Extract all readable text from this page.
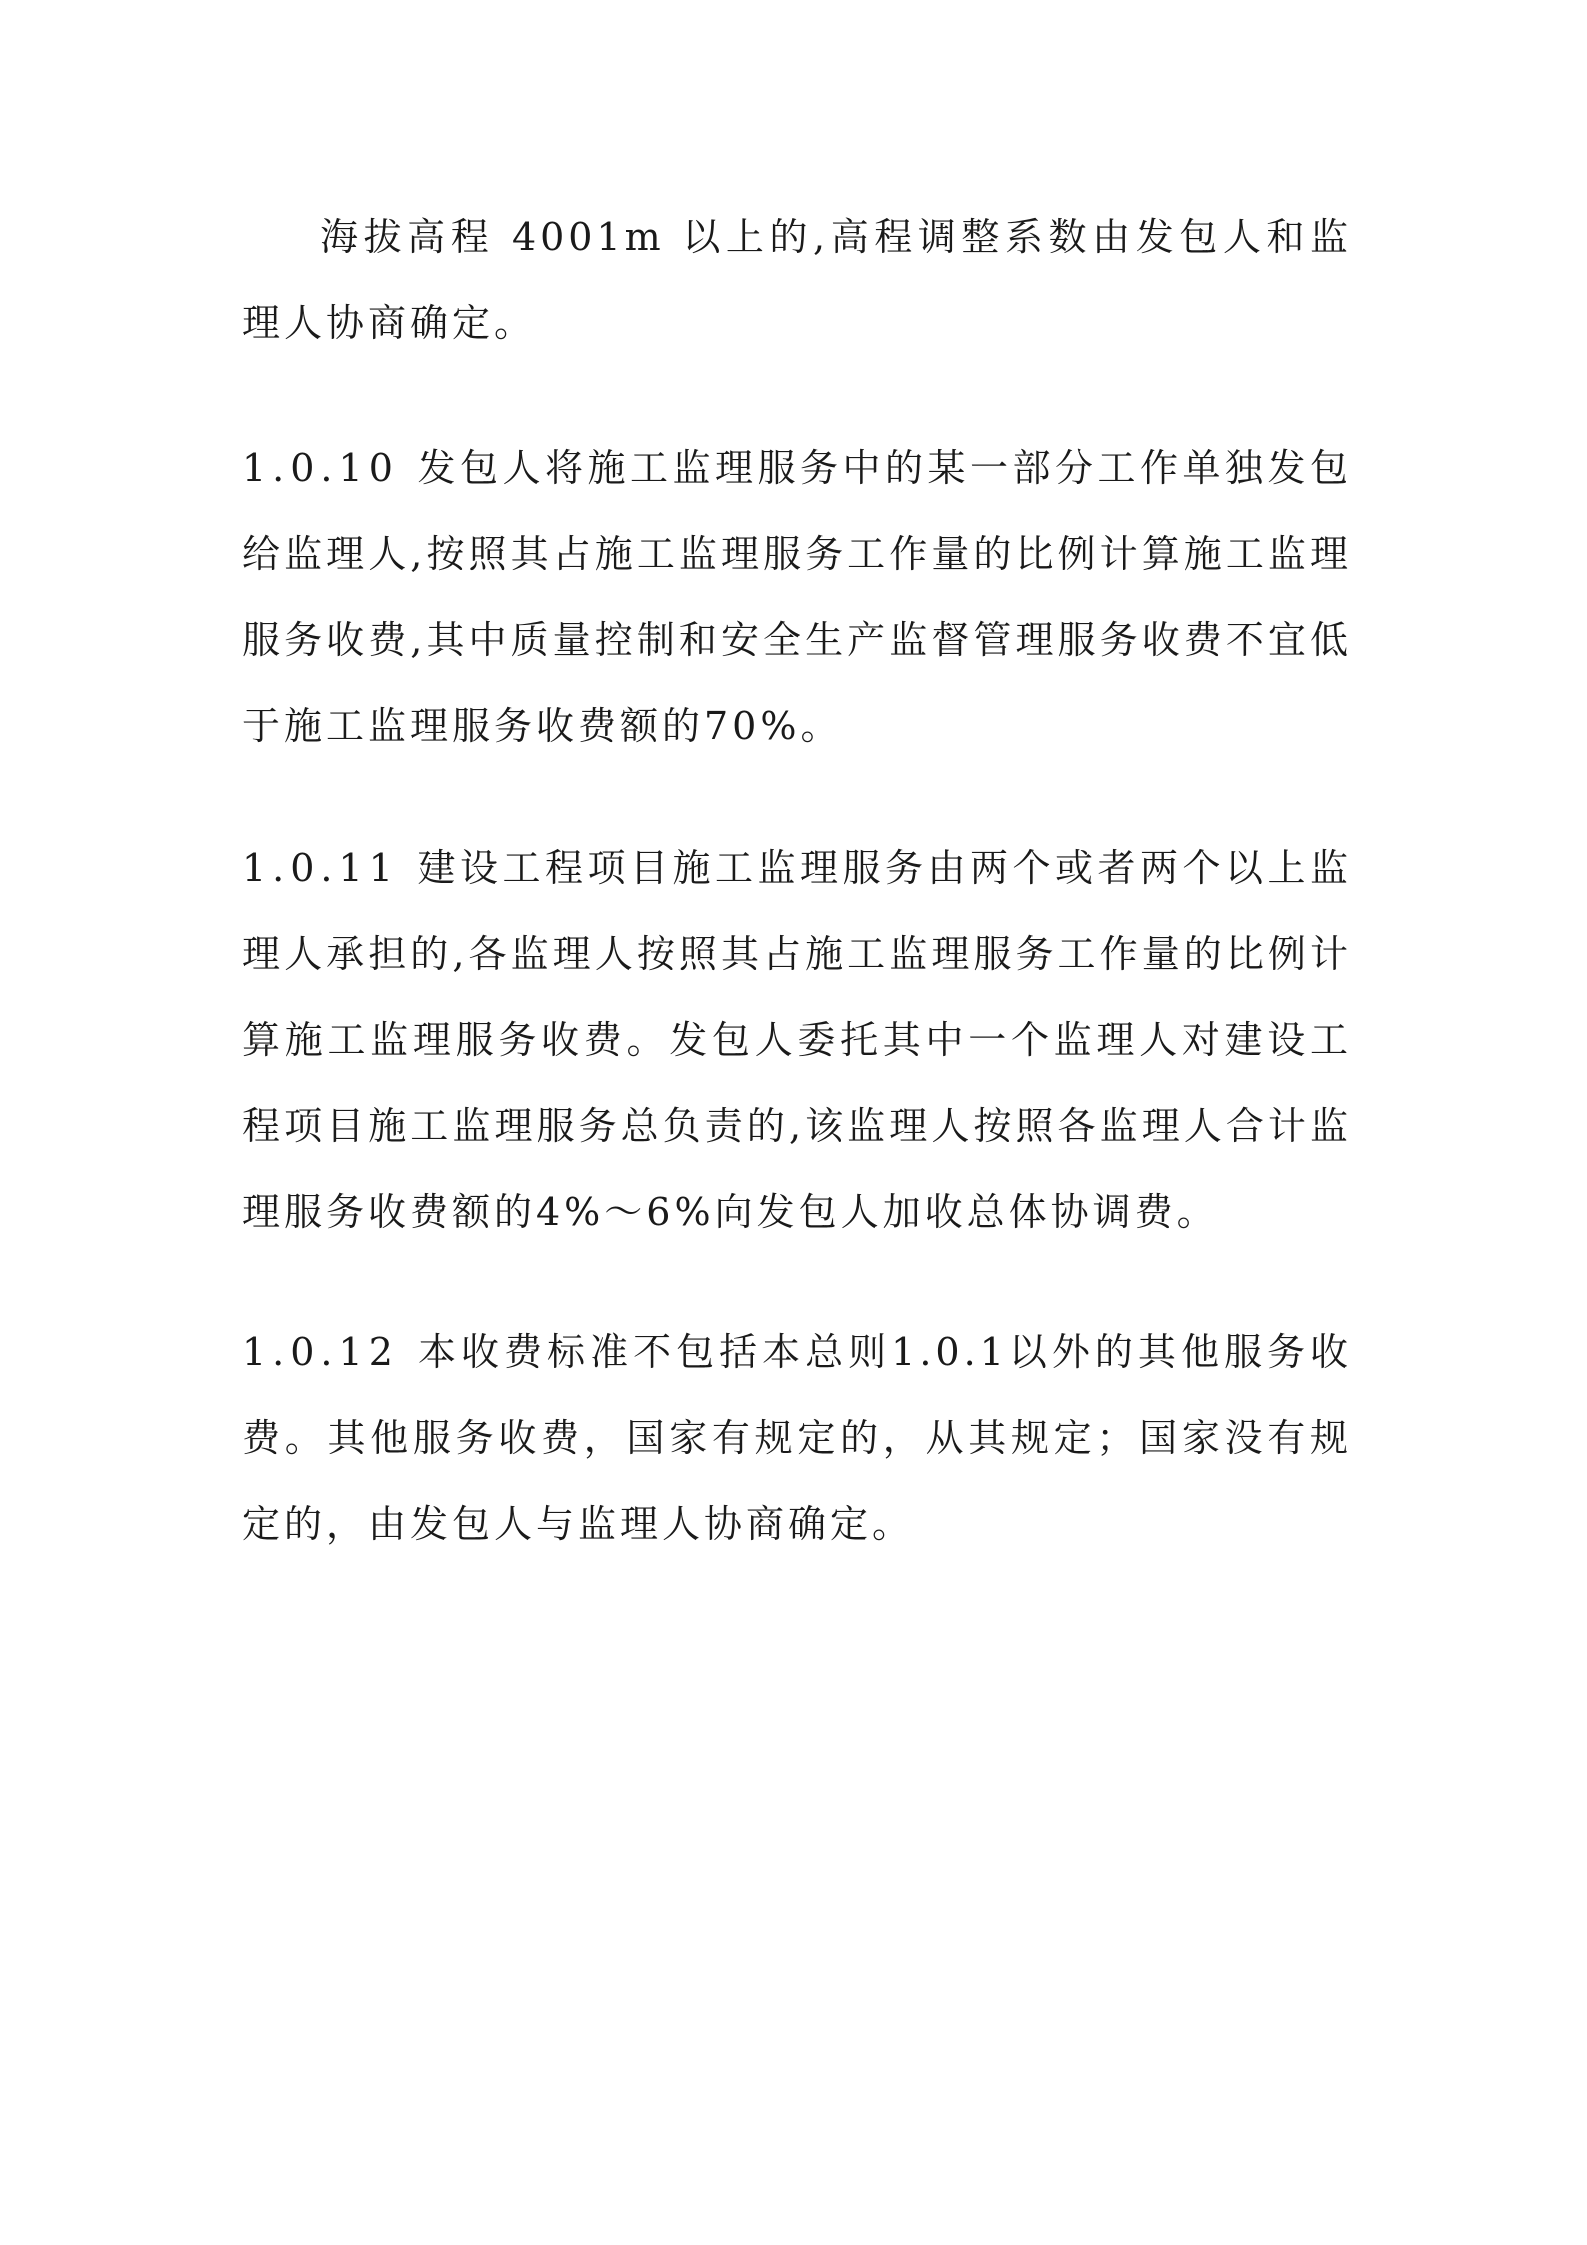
海拔高程 4001m 以上的,高程调整系数由发包人和监理人协商确定。

1.0.10 发包人将施工监理服务中的某一部分工作单独发包给监理人,按照其占施工监理服务工作量的比例计算施工监理服务收费,其中质量控制和安全生产监督管理服务收费不宜低于施工监理服务收费额的70%。

1.0.11 建设工程项目施工监理服务由两个或者两个以上监理人承担的,各监理人按照其占施工监理服务工作量的比例计算施工监理服务收费。发包人委托其中一个监理人对建设工程项目施工监理服务总负责的,该监理人按照各监理人合计监理服务收费额的4%～6%向发包人加收总体协调费。

1.0.12 本收费标准不包括本总则1.0.1以外的其他服务收费。其他服务收费，国家有规定的，从其规定；国家没有规定的，由发包人与监理人协商确定。
